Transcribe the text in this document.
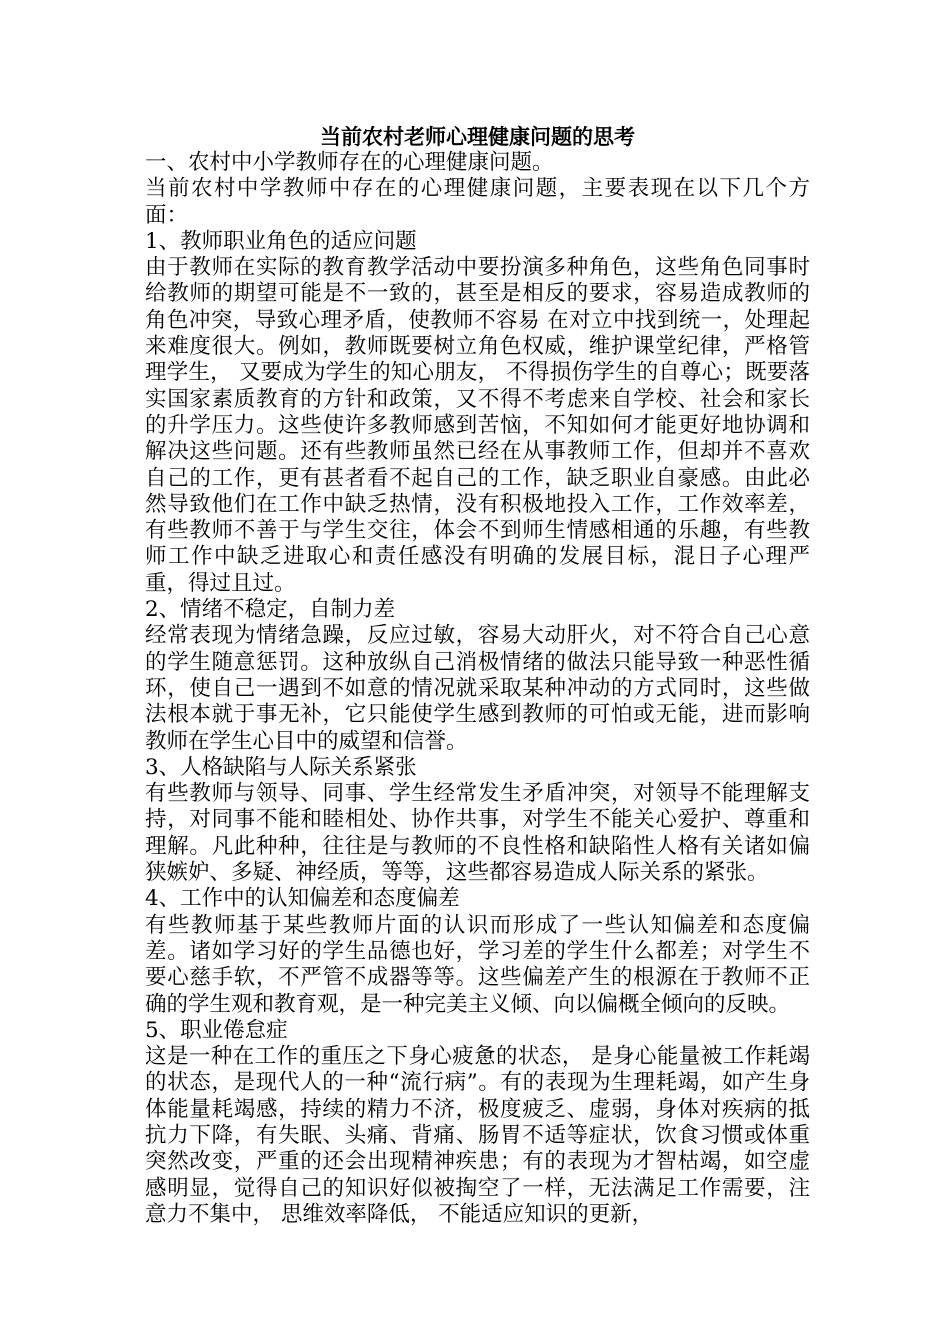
当前农村老师心理健康问题的思考

一、农村中小学教师存在的心理健康问题。

当前农村中学教师中存在的心理健康问题，主要表现在以下几个方面：

1、教师职业角色的适应问题

由于教师在实际的教育教学活动中要扮演多种角色，这些角色同事时给教师的期望可能是不一致的，甚至是相反的要求，容易造成教师的角色冲突，导致心理矛盾，使教师不容易 在对立中找到统一，处理起来难度很大。例如，教师既要树立角色权威，维护课堂纪律，严格管理学生， 又要成为学生的知心朋友， 不得损伤学生的自尊心；既要落实国家素质教育的方针和政策，又不得不考虑来自学校、社会和家长的升学压力。这些使许多教师感到苦恼，不知如何才能更好地协调和解决这些问题。还有些教师虽然已经在从事教师工作，但却并不喜欢自己的工作，更有甚者看不起自己的工作，缺乏职业自豪感。由此必然导致他们在工作中缺乏热情，没有积极地投入工作，工作效率差，有些教师不善于与学生交往，体会不到师生情感相通的乐趣，有些教师工作中缺乏进取心和责任感没有明确的发展目标，混日子心理严重，得过且过。

2、情绪不稳定，自制力差

经常表现为情绪急躁，反应过敏，容易大动肝火，对不符合自己心意的学生随意惩罚。这种放纵自己消极情绪的做法只能导致一种恶性循环，使自己一遇到不如意的情况就采取某种冲动的方式同时，这些做法根本就于事无补，它只能使学生感到教师的可怕或无能，进而影响教师在学生心目中的威望和信誉。

3、人格缺陷与人际关系紧张

有些教师与领导、同事、学生经常发生矛盾冲突，对领导不能理解支持，对同事不能和睦相处、协作共事，对学生不能关心爱护、尊重和理解。凡此种种，往往是与教师的不良性格和缺陷性人格有关诸如偏狭嫉妒、多疑、神经质，等等，这些都容易造成人际关系的紧张。

4、工作中的认知偏差和态度偏差

有些教师基于某些教师片面的认识而形成了一些认知偏差和态度偏差。诸如学习好的学生品德也好，学习差的学生什么都差；对学生不要心慈手软，不严管不成器等等。这些偏差产生的根源在于教师不正确的学生观和教育观，是一种完美主义倾、向以偏概全倾向的反映。

5、职业倦怠症

这是一种在工作的重压之下身心疲惫的状态， 是身心能量被工作耗竭的状态，是现代人的一种“流行病”。有的表现为生理耗竭，如产生身体能量耗竭感，持续的精力不济，极度疲乏、虚弱，身体对疾病的抵抗力下降，有失眠、头痛、背痛、肠胃不适等症状，饮食习惯或体重突然改变，严重的还会出现精神疾患；有的表现为才智枯竭，如空虚感明显，觉得自己的知识好似被掏空了一样，无法满足工作需要，注意力不集中， 思维效率降低， 不能适应知识的更新，
